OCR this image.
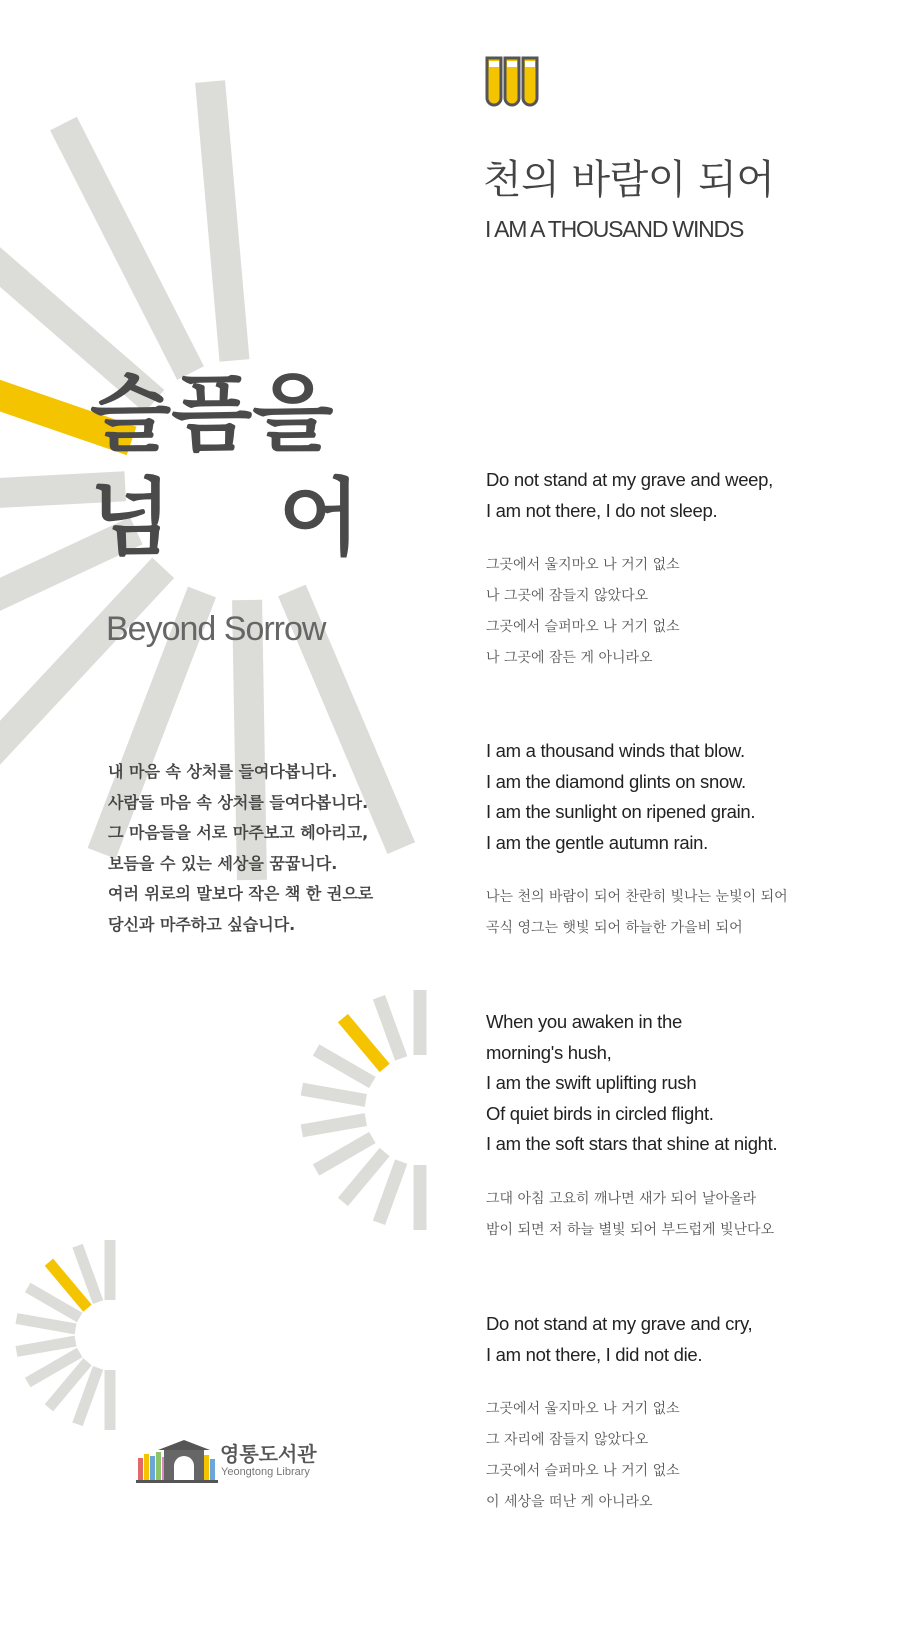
천의 바람이 되어
I AM A THOUSAND WINDS
슬픔을
넘 어
Beyond Sorrow
내 마음 속 상처를 들여다봅니다.
사람들 마음 속 상처를 들여다봅니다.
그 마음들을 서로 마주보고 헤아리고,
보듬을 수 있는 세상을 꿈꿉니다.
여러 위로의 말보다 작은 책 한 권으로
당신과 마주하고 싶습니다.
Do not stand at my grave and weep,
I am not there, I do not sleep.
그곳에서 울지마오 나 거기 없소
나 그곳에 잠들지 않았다오
그곳에서 슬퍼마오 나 거기 없소
나 그곳에 잠든 게 아니라오
I am a thousand winds that blow.
I am the diamond glints on snow.
I am the sunlight on ripened grain.
I am the gentle autumn rain.
나는 천의 바람이 되어 찬란히 빛나는 눈빛이 되어
곡식 영그는 햇빛 되어 하늘한 가을비 되어
When you awaken in the
morning's hush,
I am the swift uplifting rush
Of quiet birds in circled flight.
I am the soft stars that shine at night.
그대 아침 고요히 깨나면 새가 되어 날아올라
밤이 되면 저 하늘 별빛 되어 부드럽게 빛난다오
Do not stand at my grave and cry,
I am not there, I did not die.
그곳에서 울지마오 나 거기 없소
그 자리에 잠들지 않았다오
그곳에서 슬퍼마오 나 거기 없소
이 세상을 떠난 게 아니라오
영통도서관
Yeongtong Library
